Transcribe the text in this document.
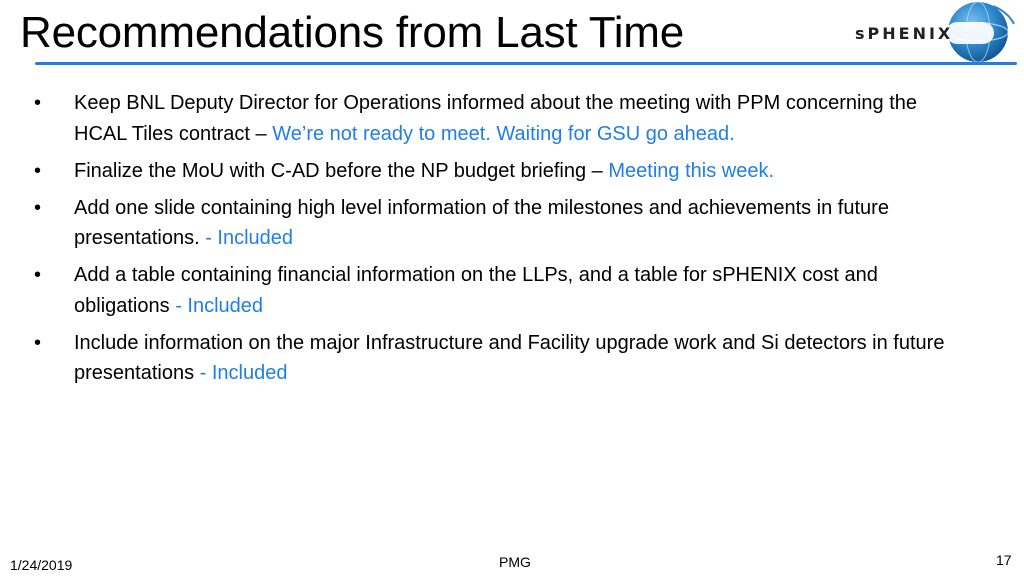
Recommendations from Last Time	sPHENIX
• Keep BNL Deputy Director for Operations informed about the meeting with PPM concerning the HCAL Tiles contract – We’re not ready to meet. Waiting for GSU go ahead.
• Finalize the MoU with C-AD before the NP budget briefing – Meeting this week.
• Add one slide containing high level information of the milestones and achievements in future presentations. - Included
• Add a table containing financial information on the LLPs, and a table for sPHENIX cost and obligations - Included
• Include information on the major Infrastructure and Facility upgrade work and Si detectors in future presentations - Included
1/24/2019	PMG	17
